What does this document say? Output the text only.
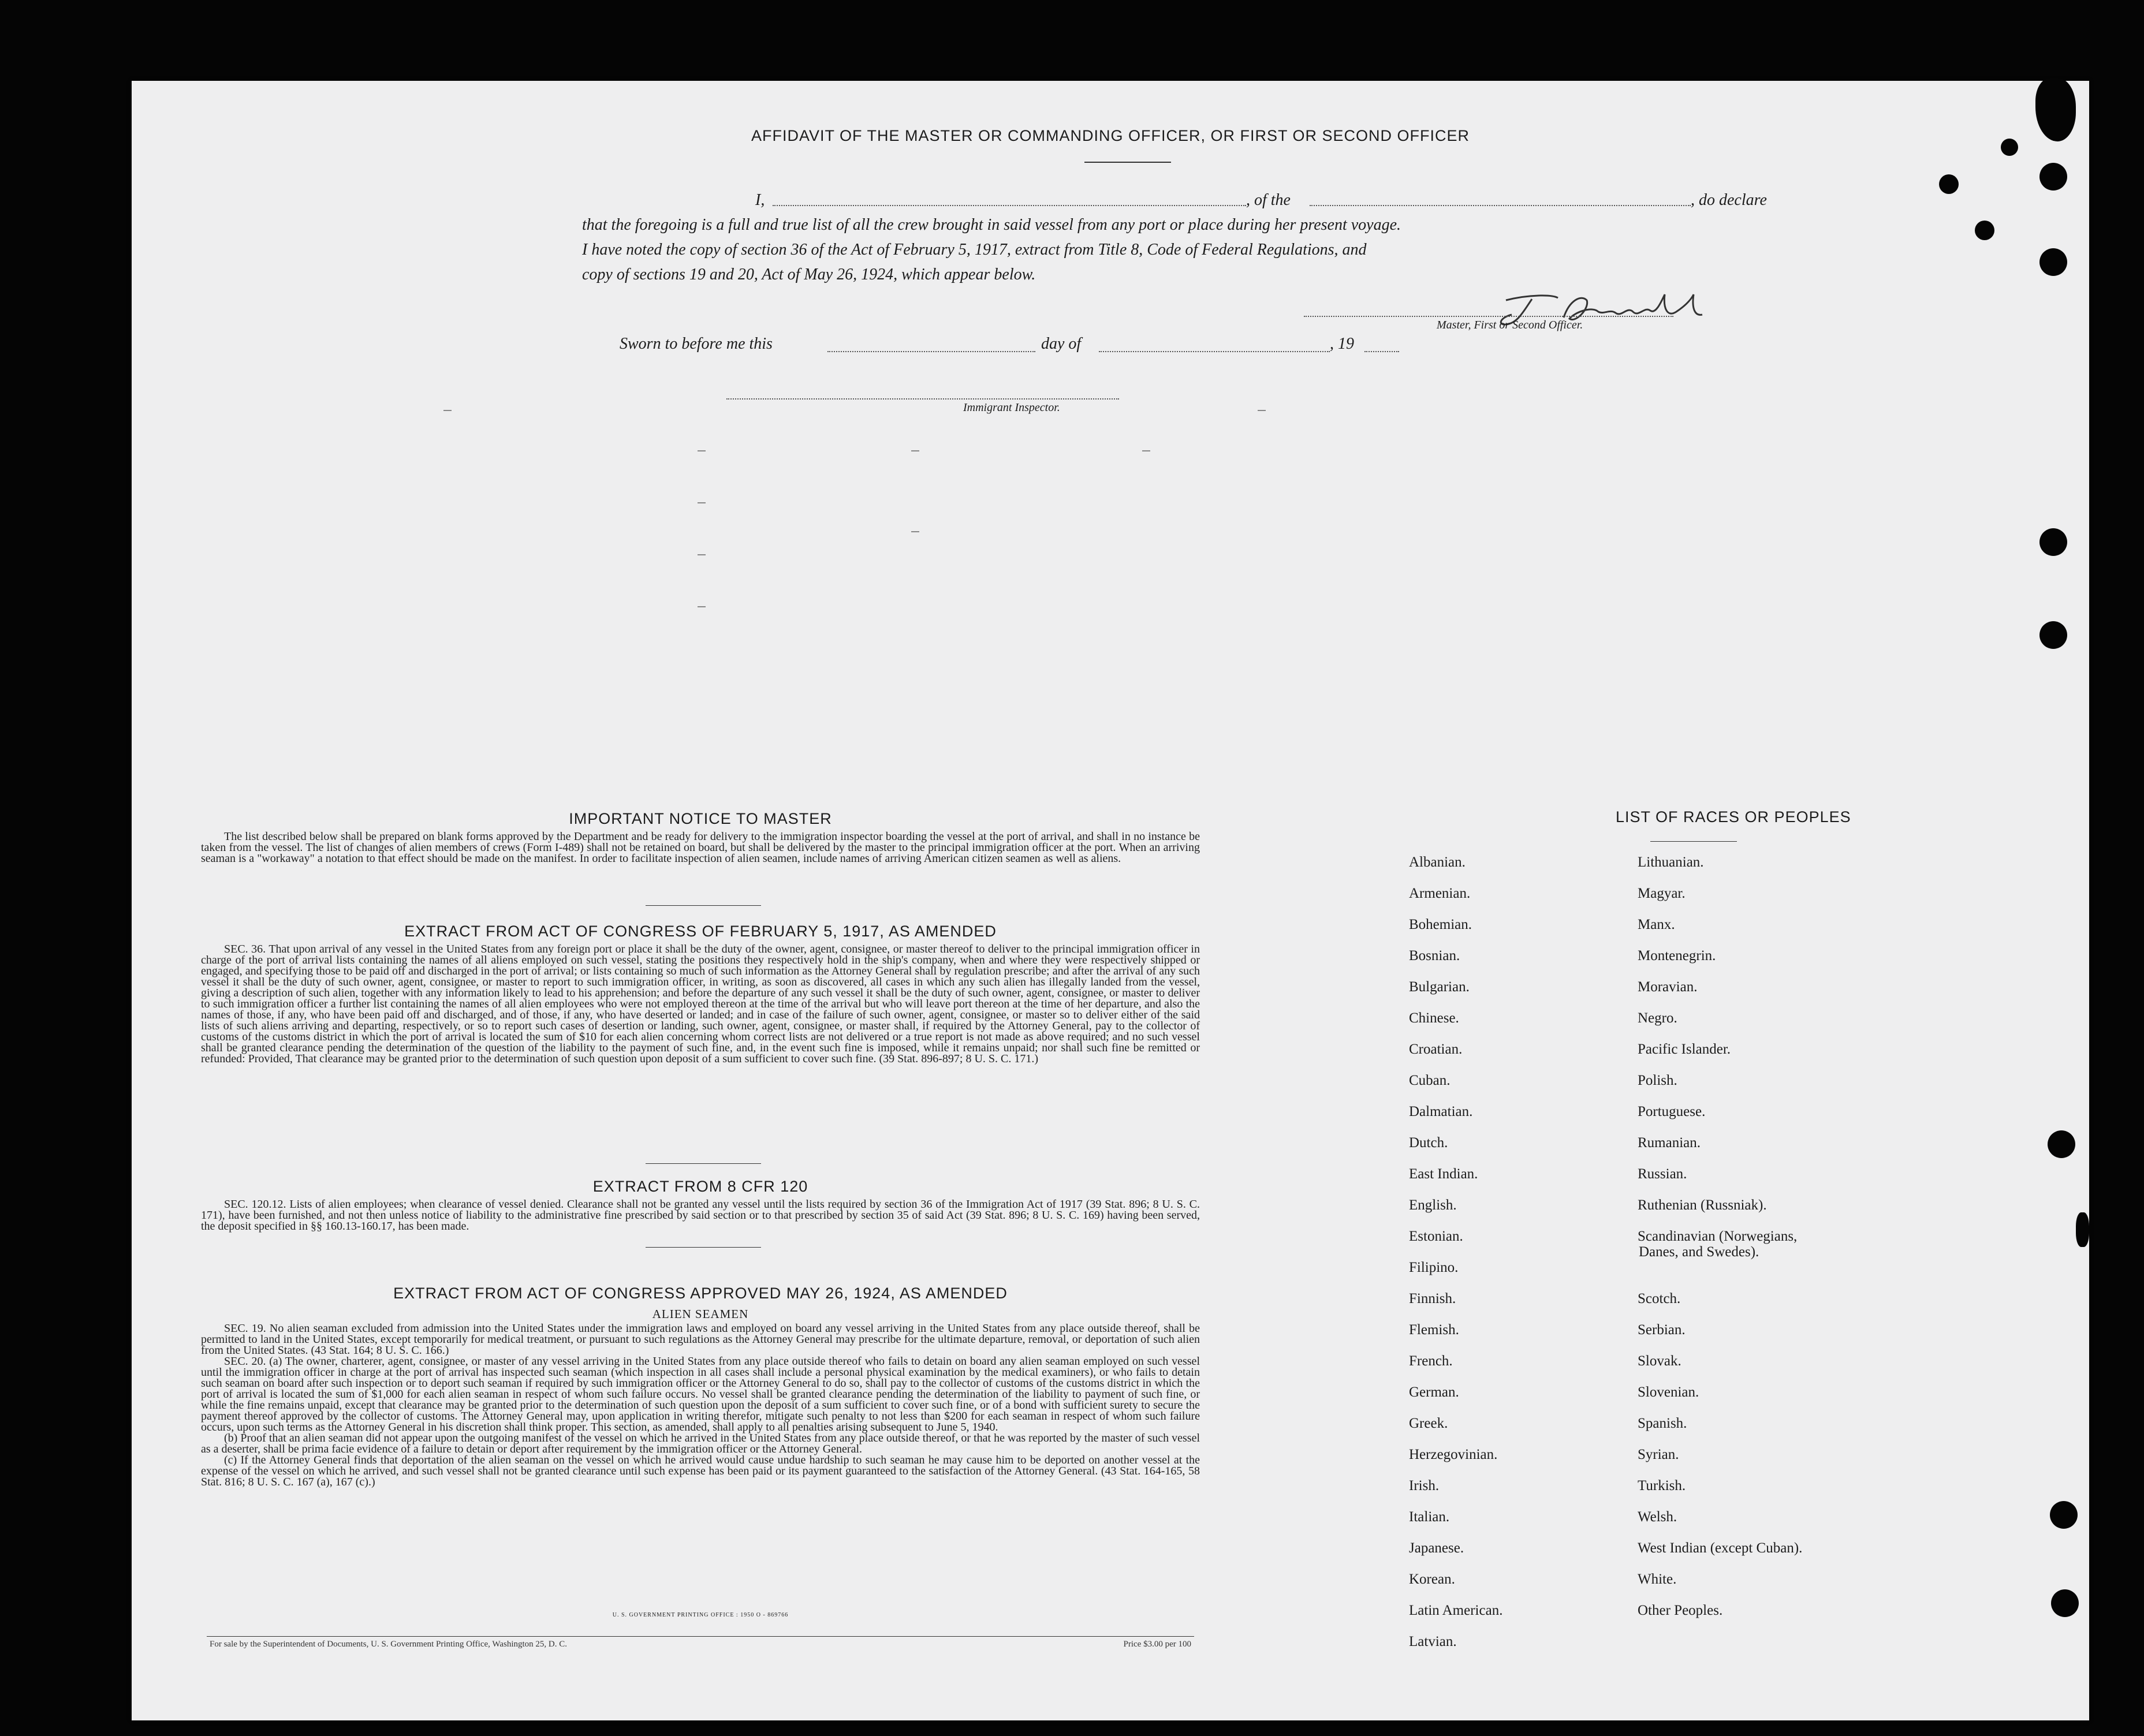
AFFIDAVIT OF THE MASTER OR COMMANDING OFFICER, OR FIRST OR SECOND OFFICER

I,	, of the	, do declare

that the foregoing is a full and true list of all the crew brought in said vessel from any port or place during her present voyage.

I have noted the copy of section 36 of the Act of February 5, 1917, extract from Title 8, Code of Federal Regulations, and

copy of sections 19 and 20, Act of May 26, 1924, which appear below.

Master, First or Second Officer.
Sworn to before me this	day of	, 19
Immigrant Inspector.
IMPORTANT NOTICE TO MASTER
The list described below shall be prepared on blank forms approved by the Department and be ready for delivery to the immigration inspector boarding the vessel at the port of arrival, and shall in no instance be taken from the vessel. The list of changes of alien members of crews (Form I-489) shall not be retained on board, but shall be delivered by the master to the principal immigration officer at the port. When an arriving seaman is a "workaway" a notation to that effect should be made on the manifest. In order to facilitate inspection of alien seamen, include names of arriving American citizen seamen as well as aliens.
EXTRACT FROM ACT OF CONGRESS OF FEBRUARY 5, 1917, AS AMENDED
SEC. 36. That upon arrival of any vessel in the United States from any foreign port or place it shall be the duty of the owner, agent, consignee, or master thereof to deliver to the principal immigration officer in charge of the port of arrival lists containing the names of all aliens employed on such vessel, stating the positions they respectively hold in the ship's company, when and where they were respectively shipped or engaged, and specifying those to be paid off and discharged in the port of arrival; or lists containing so much of such information as the Attorney General shall by regulation prescribe; and after the arrival of any such vessel it shall be the duty of such owner, agent, consignee, or master to report to such immigration officer, in writing, as soon as discovered, all cases in which any such alien has illegally landed from the vessel, giving a description of such alien, together with any information likely to lead to his apprehension; and before the departure of any such vessel it shall be the duty of such owner, agent, consignee, or master to deliver to such immigration officer a further list containing the names of all alien employees who were not employed thereon at the time of the arrival but who will leave port thereon at the time of her departure, and also the names of those, if any, who have been paid off and discharged, and of those, if any, who have deserted or landed; and in case of the failure of such owner, agent, consignee, or master so to deliver either of the said lists of such aliens arriving and departing, respectively, or so to report such cases of desertion or landing, such owner, agent, consignee, or master shall, if required by the Attorney General, pay to the collector of customs of the customs district in which the port of arrival is located the sum of $10 for each alien concerning whom correct lists are not delivered or a true report is not made as above required; and no such vessel shall be granted clearance pending the determination of the question of the liability to the payment of such fine, and, in the event such fine is imposed, while it remains unpaid; nor shall such fine be remitted or refunded: Provided, That clearance may be granted prior to the determination of such question upon deposit of a sum sufficient to cover such fine. (39 Stat. 896-897; 8 U. S. C. 171.)
EXTRACT FROM 8 CFR 120
SEC. 120.12. Lists of alien employees; when clearance of vessel denied. Clearance shall not be granted any vessel until the lists required by section 36 of the Immigration Act of 1917 (39 Stat. 896; 8 U. S. C. 171), have been furnished, and not then unless notice of liability to the administrative fine prescribed by said section or to that prescribed by section 35 of said Act (39 Stat. 896; 8 U. S. C. 169) having been served, the deposit specified in §§ 160.13-160.17, has been made.
EXTRACT FROM ACT OF CONGRESS APPROVED MAY 26, 1924, AS AMENDED
ALIEN SEAMEN
SEC. 19. No alien seaman excluded from admission into the United States under the immigration laws and employed on board any vessel arriving in the United States from any place outside thereof, shall be permitted to land in the United States, except temporarily for medical treatment, or pursuant to such regulations as the Attorney General may prescribe for the ultimate departure, removal, or deportation of such alien from the United States. (43 Stat. 164; 8 U. S. C. 166.)
SEC. 20. (a) The owner, charterer, agent, consignee, or master of any vessel arriving in the United States from any place outside thereof who fails to detain on board any alien seaman employed on such vessel until the immigration officer in charge at the port of arrival has inspected such seaman (which inspection in all cases shall include a personal physical examination by the medical examiners), or who fails to detain such seaman on board after such inspection or to deport such seaman if required by such immigration officer or the Attorney General to do so, shall pay to the collector of customs of the customs district in which the port of arrival is located the sum of $1,000 for each alien seaman in respect of whom such failure occurs. No vessel shall be granted clearance pending the determination of the liability to payment of such fine, or while the fine remains unpaid, except that clearance may be granted prior to the determination of such question upon the deposit of a sum sufficient to cover such fine, or of a bond with sufficient surety to secure the payment thereof approved by the collector of customs. The Attorney General may, upon application in writing therefor, mitigate such penalty to not less than $200 for each seaman in respect of whom such failure occurs, upon such terms as the Attorney General in his discretion shall think proper. This section, as amended, shall apply to all penalties arising subsequent to June 5, 1940.
(b) Proof that an alien seaman did not appear upon the outgoing manifest of the vessel on which he arrived in the United States from any place outside thereof, or that he was reported by the master of such vessel as a deserter, shall be prima facie evidence of a failure to detain or deport after requirement by the immigration officer or the Attorney General.
(c) If the Attorney General finds that deportation of the alien seaman on the vessel on which he arrived would cause undue hardship to such seaman he may cause him to be deported on another vessel at the expense of the vessel on which he arrived, and such vessel shall not be granted clearance until such expense has been paid or its payment guaranteed to the satisfaction of the Attorney General. (43 Stat. 164-165, 58 Stat. 816; 8 U. S. C. 167 (a), 167 (c).)
U. S. GOVERNMENT PRINTING OFFICE : 1950 O - 869766
For sale by the Superintendent of Documents, U. S. Government Printing Office, Washington 25, D. C.	Price $3.00 per 100
LIST OF RACES OR PEOPLES
Albanian.
Armenian.
Bohemian.
Bosnian.
Bulgarian.
Chinese.
Croatian.
Cuban.
Dalmatian.
Dutch.
East Indian.
English.
Estonian.
Filipino.
Finnish.
Flemish.
French.
German.
Greek.
Herzegovinian.
Irish.
Italian.
Japanese.
Korean.
Latin American.
Latvian.
Lithuanian.
Magyar.
Manx.
Montenegrin.
Moravian.
Negro.
Pacific Islander.
Polish.
Portuguese.
Rumanian.
Russian.
Ruthenian (Russniak).
Scandinavian (Norwegians,
Danes, and Swedes).
Scotch.
Serbian.
Slovak.
Slovenian.
Spanish.
Syrian.
Turkish.
Welsh.
West Indian (except Cuban).
White.
Other Peoples.
